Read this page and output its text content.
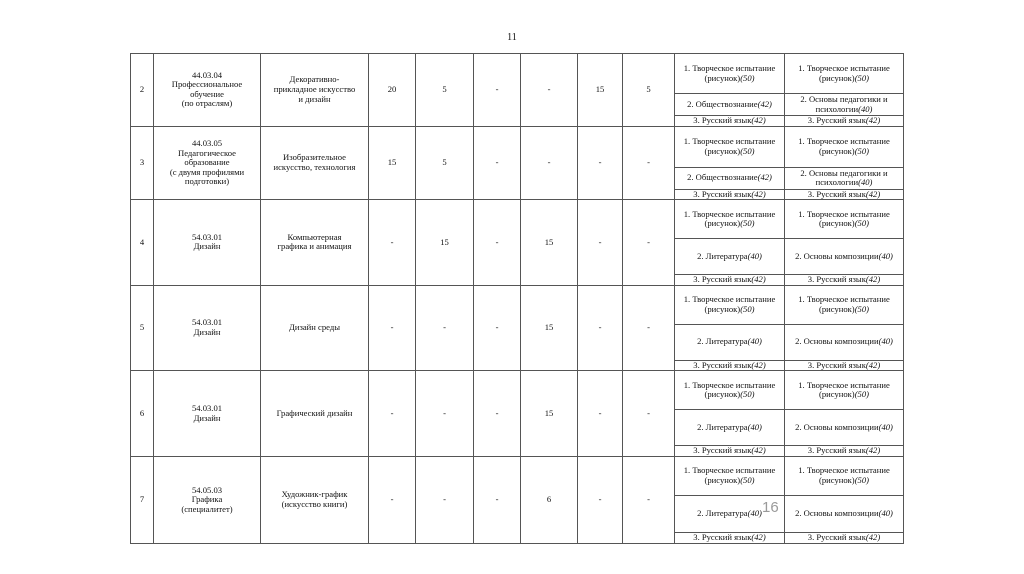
11
2	44.03.04
Профессиональное
обучение
(по отраслям)	Декоративно-
прикладное искусство
и дизайн	20	5	-	-	15	5	1. Творческое испытание (рисунок)(50)	1. Творческое испытание (рисунок)(50)
									2. Обществознание(42)	2. Основы педагогики и психологии(40)
									3. Русский язык(42)	3. Русский язык(42)
3	44.03.05
Педагогическое
образование
(с двумя профилями
подготовки)	Изобразительное
искусство, технология	15	5	-	-	-	-	1. Творческое испытание (рисунок)(50)	1. Творческое испытание (рисунок)(50)
									2. Обществознание(42)	2. Основы педагогики и психологии(40)
									3. Русский язык(42)	3. Русский язык(42)
4	54.03.01
Дизайн	Компьютерная
графика и анимация	-	15	-	15	-	-	1. Творческое испытание (рисунок)(50)	1. Творческое испытание (рисунок)(50)
									2. Литература(40)	2. Основы композиции(40)
									3. Русский язык(42)	3. Русский язык(42)
5	54.03.01
Дизайн	Дизайн среды	-	-	-	15	-	-	1. Творческое испытание (рисунок)(50)	1. Творческое испытание (рисунок)(50)
									2. Литература(40)	2. Основы композиции(40)
									3. Русский язык(42)	3. Русский язык(42)
6	54.03.01
Дизайн	Графический дизайн	-	-	-	15	-	-	1. Творческое испытание (рисунок)(50)	1. Творческое испытание (рисунок)(50)
									2. Литература(40)	2. Основы композиции(40)
									3. Русский язык(42)	3. Русский язык(42)
7	54.05.03
Графика
(специалитет)	Художник-график
(искусство книги)	-	-	-	6	-	-	1. Творческое испытание (рисунок)(50)	1. Творческое испытание (рисунок)(50)
									2. Литература(40)	2. Основы композиции(40)
									3. Русский язык(42)	3. Русский язык(42)
16
